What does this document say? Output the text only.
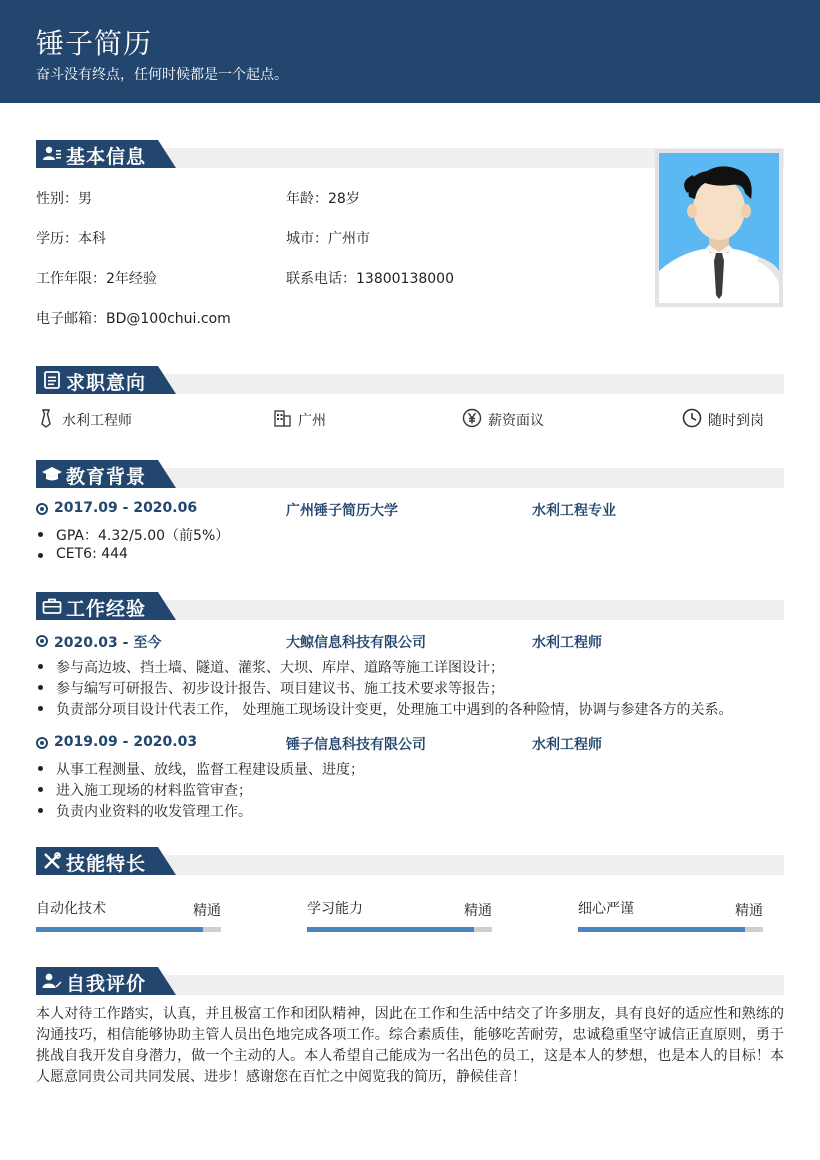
锤子简历
奋斗没有终点，任何时候都是一个起点。
基本信息
性别：男	年龄：28岁
学历：本科	城市：广州市
工作年限：2年经验	联系电话：13800138000
电子邮箱：BD@100chui.com
求职意向
水利工程师	广州	薪资面议	随时到岗
教育背景
2017.09 - 2020.06	广州锤子简历大学	水利工程专业
GPA：4.32/5.00（前5%）
CET6: 444
工作经验
2020.03 - 至今	大鲸信息科技有限公司	水利工程师
参与高边坡、挡土墙、隧道、灌浆、大坝、库岸、道路等施工详图设计；
参与编写可研报告、初步设计报告、项目建议书、施工技术要求等报告；
负责部分项目设计代表工作， 处理施工现场设计变更，处理施工中遇到的各种险情，协调与参建各方的关系。
2019.09 - 2020.03	锤子信息科技有限公司	水利工程师
从事工程测量、放线，监督工程建设质量、进度；
进入施工现场的材料监管审查；
负责内业资料的收发管理工作。
技能特长
自动化技术	精通	学习能力	精通	细心严谨	精通
自我评价
本人对待工作踏实，认真，并且极富工作和团队精神，因此在工作和生活中结交了许多朋友，具有良好的适应性和熟练的沟通技巧，相信能够协助主管人员出色地完成各项工作。综合素质佳，能够吃苦耐劳，忠诚稳重坚守诚信正直原则，勇于挑战自我开发自身潜力，做一个主动的人。本人希望自己能成为一名出色的员工，这是本人的梦想，也是本人的目标！本人愿意同贵公司共同发展、进步！感谢您在百忙之中阅览我的简历，静候佳音！
